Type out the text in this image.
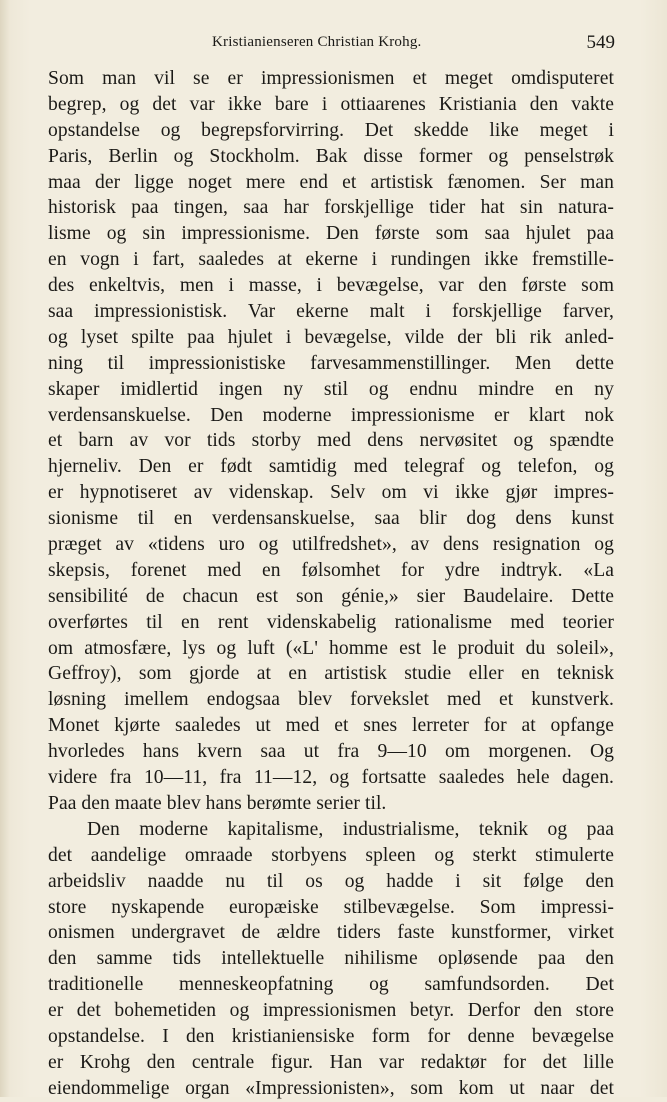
Kristianienseren Christian Krohg.	549
Som man vil se er impressionismen et meget omdisputeret
begrep, og det var ikke bare i ottiaarenes Kristiania den vakte
opstandelse og begrepsforvirring. Det skedde like meget i
Paris, Berlin og Stockholm. Bak disse former og penselstrøk
maa der ligge noget mere end et artistisk fænomen. Ser man
historisk paa tingen, saa har forskjellige tider hat sin natura-
lisme og sin impressionisme. Den første som saa hjulet paa
en vogn i fart, saaledes at ekerne i rundingen ikke fremstille-
des enkeltvis, men i masse, i bevægelse, var den første som
saa impressionistisk. Var ekerne malt i forskjellige farver,
og lyset spilte paa hjulet i bevægelse, vilde der bli rik anled-
ning til impressionistiske farvesammenstillinger. Men dette
skaper imidlertid ingen ny stil og endnu mindre en ny
verdensanskuelse. Den moderne impressionisme er klart nok
et barn av vor tids storby med dens nervøsitet og spændte
hjerneliv. Den er født samtidig med telegraf og telefon, og
er hypnotiseret av videnskap. Selv om vi ikke gjør impres-
sionisme til en verdensanskuelse, saa blir dog dens kunst
præget av «tidens uro og utilfredshet», av dens resignation og
skepsis, forenet med en følsomhet for ydre indtryk. «La
sensibilité de chacun est son génie,» sier Baudelaire. Dette
overførtes til en rent videnskabelig rationalisme med teorier
om atmosfære, lys og luft («L' homme est le produit du soleil»,
Geffroy), som gjorde at en artistisk studie eller en teknisk
løsning imellem endogsaa blev forvekslet med et kunstverk.
Monet kjørte saaledes ut med et snes lerreter for at opfange
hvorledes hans kvern saa ut fra 9—10 om morgenen. Og
videre fra 10—11, fra 11—12, og fortsatte saaledes hele dagen.
Paa den maate blev hans berømte serier til.
Den moderne kapitalisme, industrialisme, teknik og paa
det aandelige omraade storbyens spleen og sterkt stimulerte
arbeidsliv naadde nu til os og hadde i sit følge den
store nyskapende europæiske stilbevægelse. Som impressi-
onismen undergravet de ældre tiders faste kunstformer, virket
den samme tids intellektuelle nihilisme opløsende paa den
traditionelle menneskeopfatning og samfundsorden. Det
er det bohemetiden og impressionismen betyr. Derfor den store
opstandelse. I den kristianiensiske form for denne bevægelse
er Krohg den centrale figur. Han var redaktør for det lille
eiendommelige organ «Impressionisten», som kom ut naar det
